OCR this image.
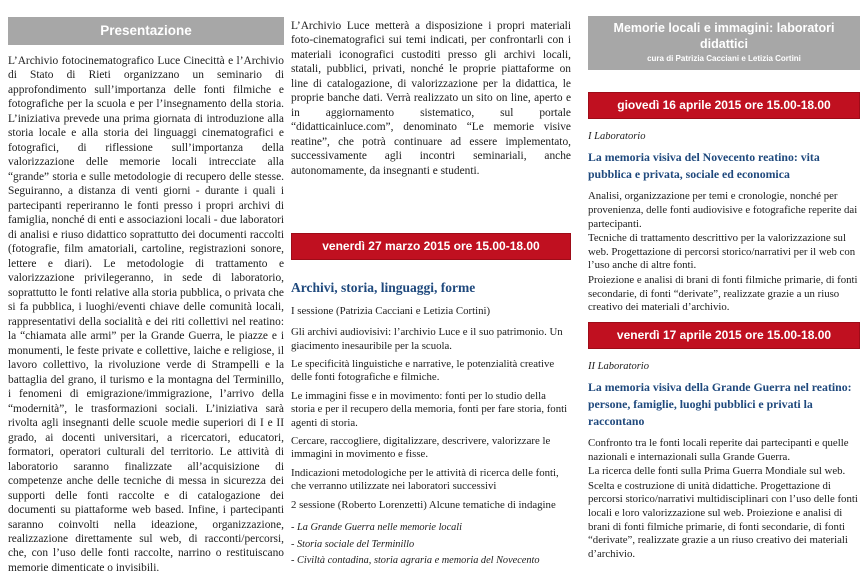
Presentazione

L’Archivio fotocinematografico Luce Cinecittà e l’Archivio di Stato di Rieti organizzano un seminario di approfondimento sull’importanza delle fonti filmiche e fotografiche per la scuola e per l’insegnamento della storia. L’iniziativa prevede una prima giornata di introduzione alla storia locale e alla storia dei linguaggi cinematografici e fotografici, di riflessione sull’importanza della valorizzazione delle memorie locali intrecciate alla “grande” storia e sulle metodologie di recupero delle stesse. Seguiranno, a distanza di venti giorni - durante i quali i partecipanti reperiranno le fonti presso i propri archivi di famiglia, nonché di enti e associazioni locali - due laboratori di analisi e riuso didattico soprattutto dei documenti raccolti (fotografie, film amatoriali, cartoline, registrazioni sonore, lettere e diari). Le metodologie di trattamento e valorizzazione privilegeranno, in sede di laboratorio, soprattutto le fonti relative alla storia pubblica, o privata che si fa pubblica, i luoghi/eventi chiave delle comunità locali, rappresentativi della socialità e dei riti collettivi nel reatino: la “chiamata alle armi” per la Grande Guerra, le piazze e i monumenti, le feste private e collettive, laiche e religiose, il lavoro collettivo, la rivoluzione verde di Strampelli e la battaglia del grano, il turismo e la montagna del Terminillo, i fenomeni di emigrazione/immigrazione, l’arrivo della “modernità”, le trasformazioni sociali. L’iniziativa sarà rivolta agli insegnanti delle scuole medie superiori di I e II grado, ai docenti universitari, a ricercatori, educatori, formatori, operatori culturali del territorio. Le attività di laboratorio saranno finalizzate all’acquisizione di competenze anche delle tecniche di messa in sicurezza dei supporti delle fonti raccolte e di catalogazione dei documenti su piattaforme web based. Infine, i partecipanti saranno coinvolti nella ideazione, organizzazione, realizzazione direttamente sul web, di racconti/percorsi, che, con l’uso delle fonti raccolte, narrino o restituiscano memorie dimenticate o invisibili.

L’Archivio Luce metterà a disposizione i propri materiali foto-cinematografici sui temi indicati, per confrontarli con i materiali iconografici custoditi presso gli archivi locali, statali, pubblici, privati, nonché le proprie piattaforme on line di catalogazione, di valorizzazione per la didattica, le proprie banche dati. Verrà realizzato un sito on line, aperto e in aggiornamento sistematico, sul portale “didatticainluce.com”, denominato “Le memorie visive reatine”, che potrà continuare ad essere implementato, successivamente agli incontri seminariali, anche autonomamente, da insegnanti e studenti.

venerdì 27 marzo 2015 ore 15.00-18.00
Archivi, storia, linguaggi, forme

I sessione (Patrizia Cacciani e Letizia Cortini)

Gli archivi audiovisivi: l’archivio Luce e il suo patrimonio. Un giacimento inesauribile per la scuola.

Le specificità linguistiche e narrative, le potenzialità creative delle fonti fotografiche e filmiche.

Le immagini fisse e in movimento: fonti per lo studio della storia e per il recupero della memoria, fonti per fare storia, fonti agenti di storia.

Cercare, raccogliere, digitalizzare, descrivere, valorizzare le immagini in movimento e fisse.

Indicazioni metodologiche per le attività di ricerca delle fonti, che verranno utilizzate nei laboratori successivi

2 sessione (Roberto Lorenzetti) Alcune tematiche di indagine

- La Grande Guerra nelle memorie locali

- Storia sociale del Terminillo

- Civiltà contadina, storia agraria e memoria del Novecento

Memorie locali e immagini: laboratori didattici
cura di Patrizia Cacciani e Letizia Cortini
giovedì 16 aprile 2015 ore 15.00-18.00

I Laboratorio

La memoria visiva del Novecento reatino: vita pubblica e privata, sociale ed economica

Analisi, organizzazione per temi e cronologie, nonché per provenienza, delle fonti audiovisive e fotografiche reperite dai partecipanti.

Tecniche di trattamento descrittivo per la valorizzazione sul web. Progettazione di percorsi storico/narrativi per il web con l’uso anche di altre fonti.

Proiezione e analisi di brani di fonti filmiche primarie, di fonti secondarie, di fonti “derivate”, realizzate grazie a un riuso creativo dei materiali d’archivio.

venerdì 17 aprile 2015 ore 15.00-18.00

II Laboratorio

La memoria visiva della Grande Guerra nel reatino: persone, famiglie, luoghi pubblici e privati la raccontano

Confronto tra le fonti locali reperite dai partecipanti e quelle nazionali e internazionali sulla Grande Guerra.

La ricerca delle fonti sulla Prima Guerra Mondiale sul web.

Scelta e costruzione di unità didattiche. Progettazione di percorsi storico/narrativi multidisciplinari con l’uso delle fonti locali e loro valorizzazione sul web. Proiezione e analisi di brani di fonti filmiche primarie, di fonti secondarie, di fonti “derivate”, realizzate grazie a un riuso creativo dei materiali d’archivio.
